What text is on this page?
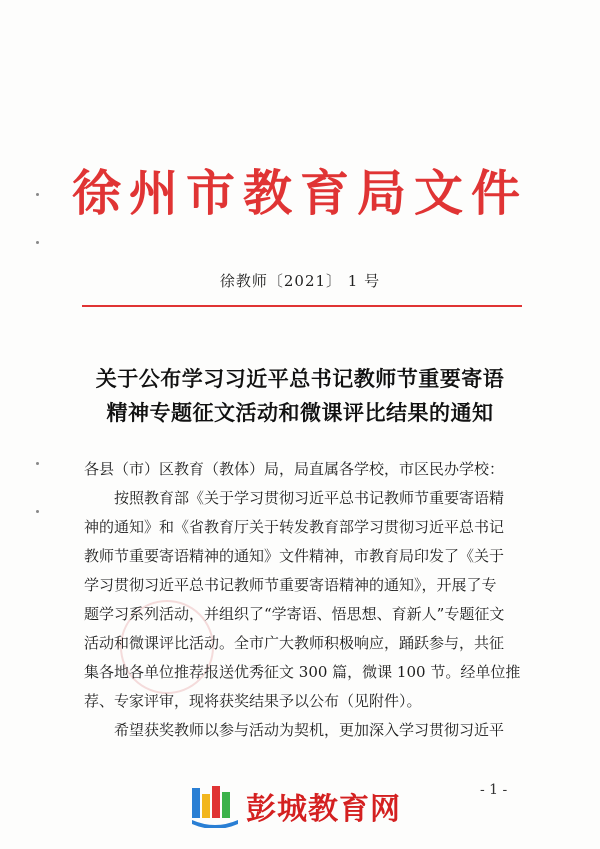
徐州市教育局文件
徐教师〔2021〕 1 号
关于公布学习习近平总书记教师节重要寄语
精神专题征文活动和微课评比结果的通知

各县（市）区教育（教体）局，局直属各学校，市区民办学校：

按照教育部《关于学习贯彻习近平总书记教师节重要寄语精

神的通知》和《省教育厅关于转发教育部学习贯彻习近平总书记

教师节重要寄语精神的通知》文件精神，市教育局印发了《关于

学习贯彻习近平总书记教师节重要寄语精神的通知》，开展了专

题学习系列活动，并组织了“学寄语、悟思想、育新人”专题征文

活动和微课评比活动。全市广大教师积极响应，踊跃参与，共征

集各地各单位推荐报送优秀征文 300 篇，微课 100 节。经单位推

荐、专家评审，现将获奖结果予以公布（见附件）。

希望获奖教师以参与活动为契机，更加深入学习贯彻习近平

- 1 -
彭城教育网
